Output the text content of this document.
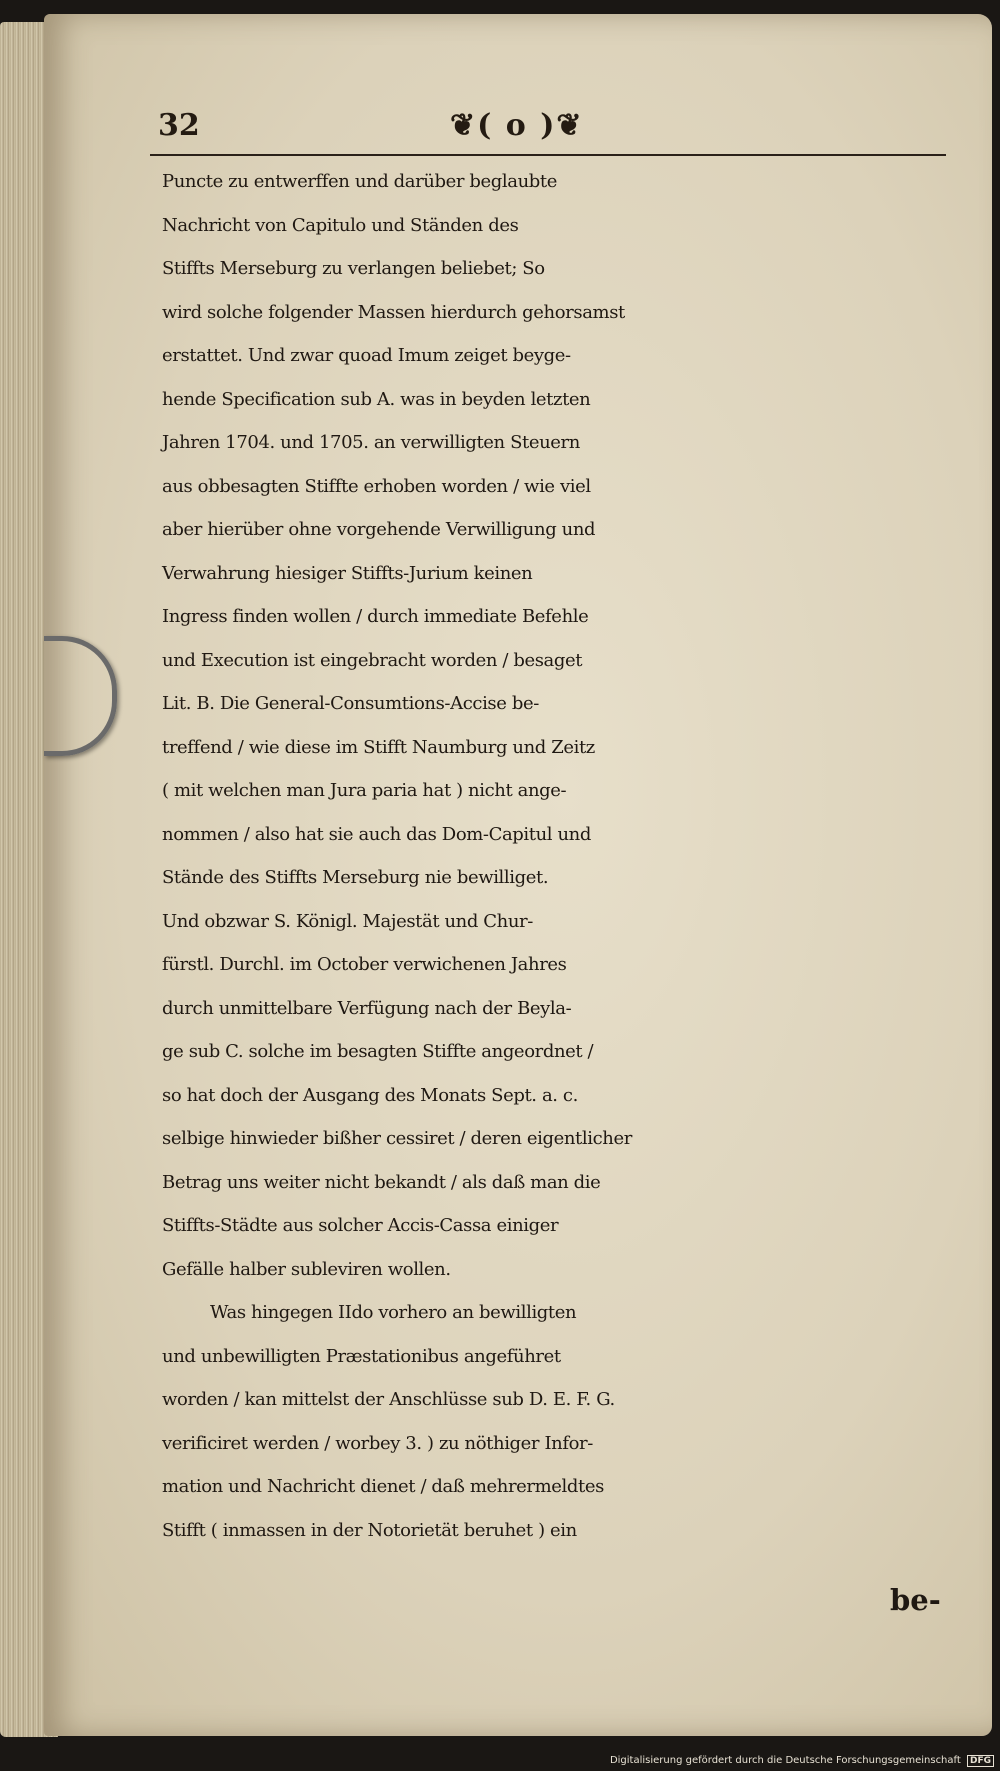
32	❦( o )❦
Puncte zu entwerffen und darüber beglaubte
Nachricht von Capitulo und Ständen des
Stiffts Merseburg zu verlangen beliebet; So
wird solche folgender Massen hierdurch gehorsamst
erstattet. Und zwar quoad Imum zeiget beyge-
hende Specification sub A. was in beyden letzten
Jahren 1704. und 1705. an verwilligten Steuern
aus obbesagten Stiffte erhoben worden / wie viel
aber hierüber ohne vorgehende Verwilligung und
Verwahrung hiesiger Stiffts-Jurium keinen
Ingress finden wollen / durch immediate Befehle
und Execution ist eingebracht worden / besaget
Lit. B. Die General-Consumtions-Accise be-
treffend / wie diese im Stifft Naumburg und Zeitz
( mit welchen man Jura paria hat ) nicht ange-
nommen / also hat sie auch das Dom-Capitul und
Stände des Stiffts Merseburg nie bewilliget.
Und obzwar S. Königl. Majestät und Chur-
fürstl. Durchl. im October verwichenen Jahres
durch unmittelbare Verfügung nach der Beyla-
ge sub C. solche im besagten Stiffte angeordnet /
so hat doch der Ausgang des Monats Sept. a. c.
selbige hinwieder bißher cessiret / deren eigentlicher
Betrag uns weiter nicht bekandt / als daß man die
Stiffts-Städte aus solcher Accis-Cassa einiger
Gefälle halber subleviren wollen.
Was hingegen IIdo vorhero an bewilligten
und unbewilligten Præstationibus angeführet
worden / kan mittelst der Anschlüsse sub D. E. F. G.
verificiret werden / worbey 3. ) zu nöthiger Infor-
mation und Nachricht dienet / daß mehrermeldtes
Stifft ( inmassen in der Notorietät beruhet ) ein
be-
Digitalisierung gefördert durch die Deutsche Forschungsgemeinschaft DFG
